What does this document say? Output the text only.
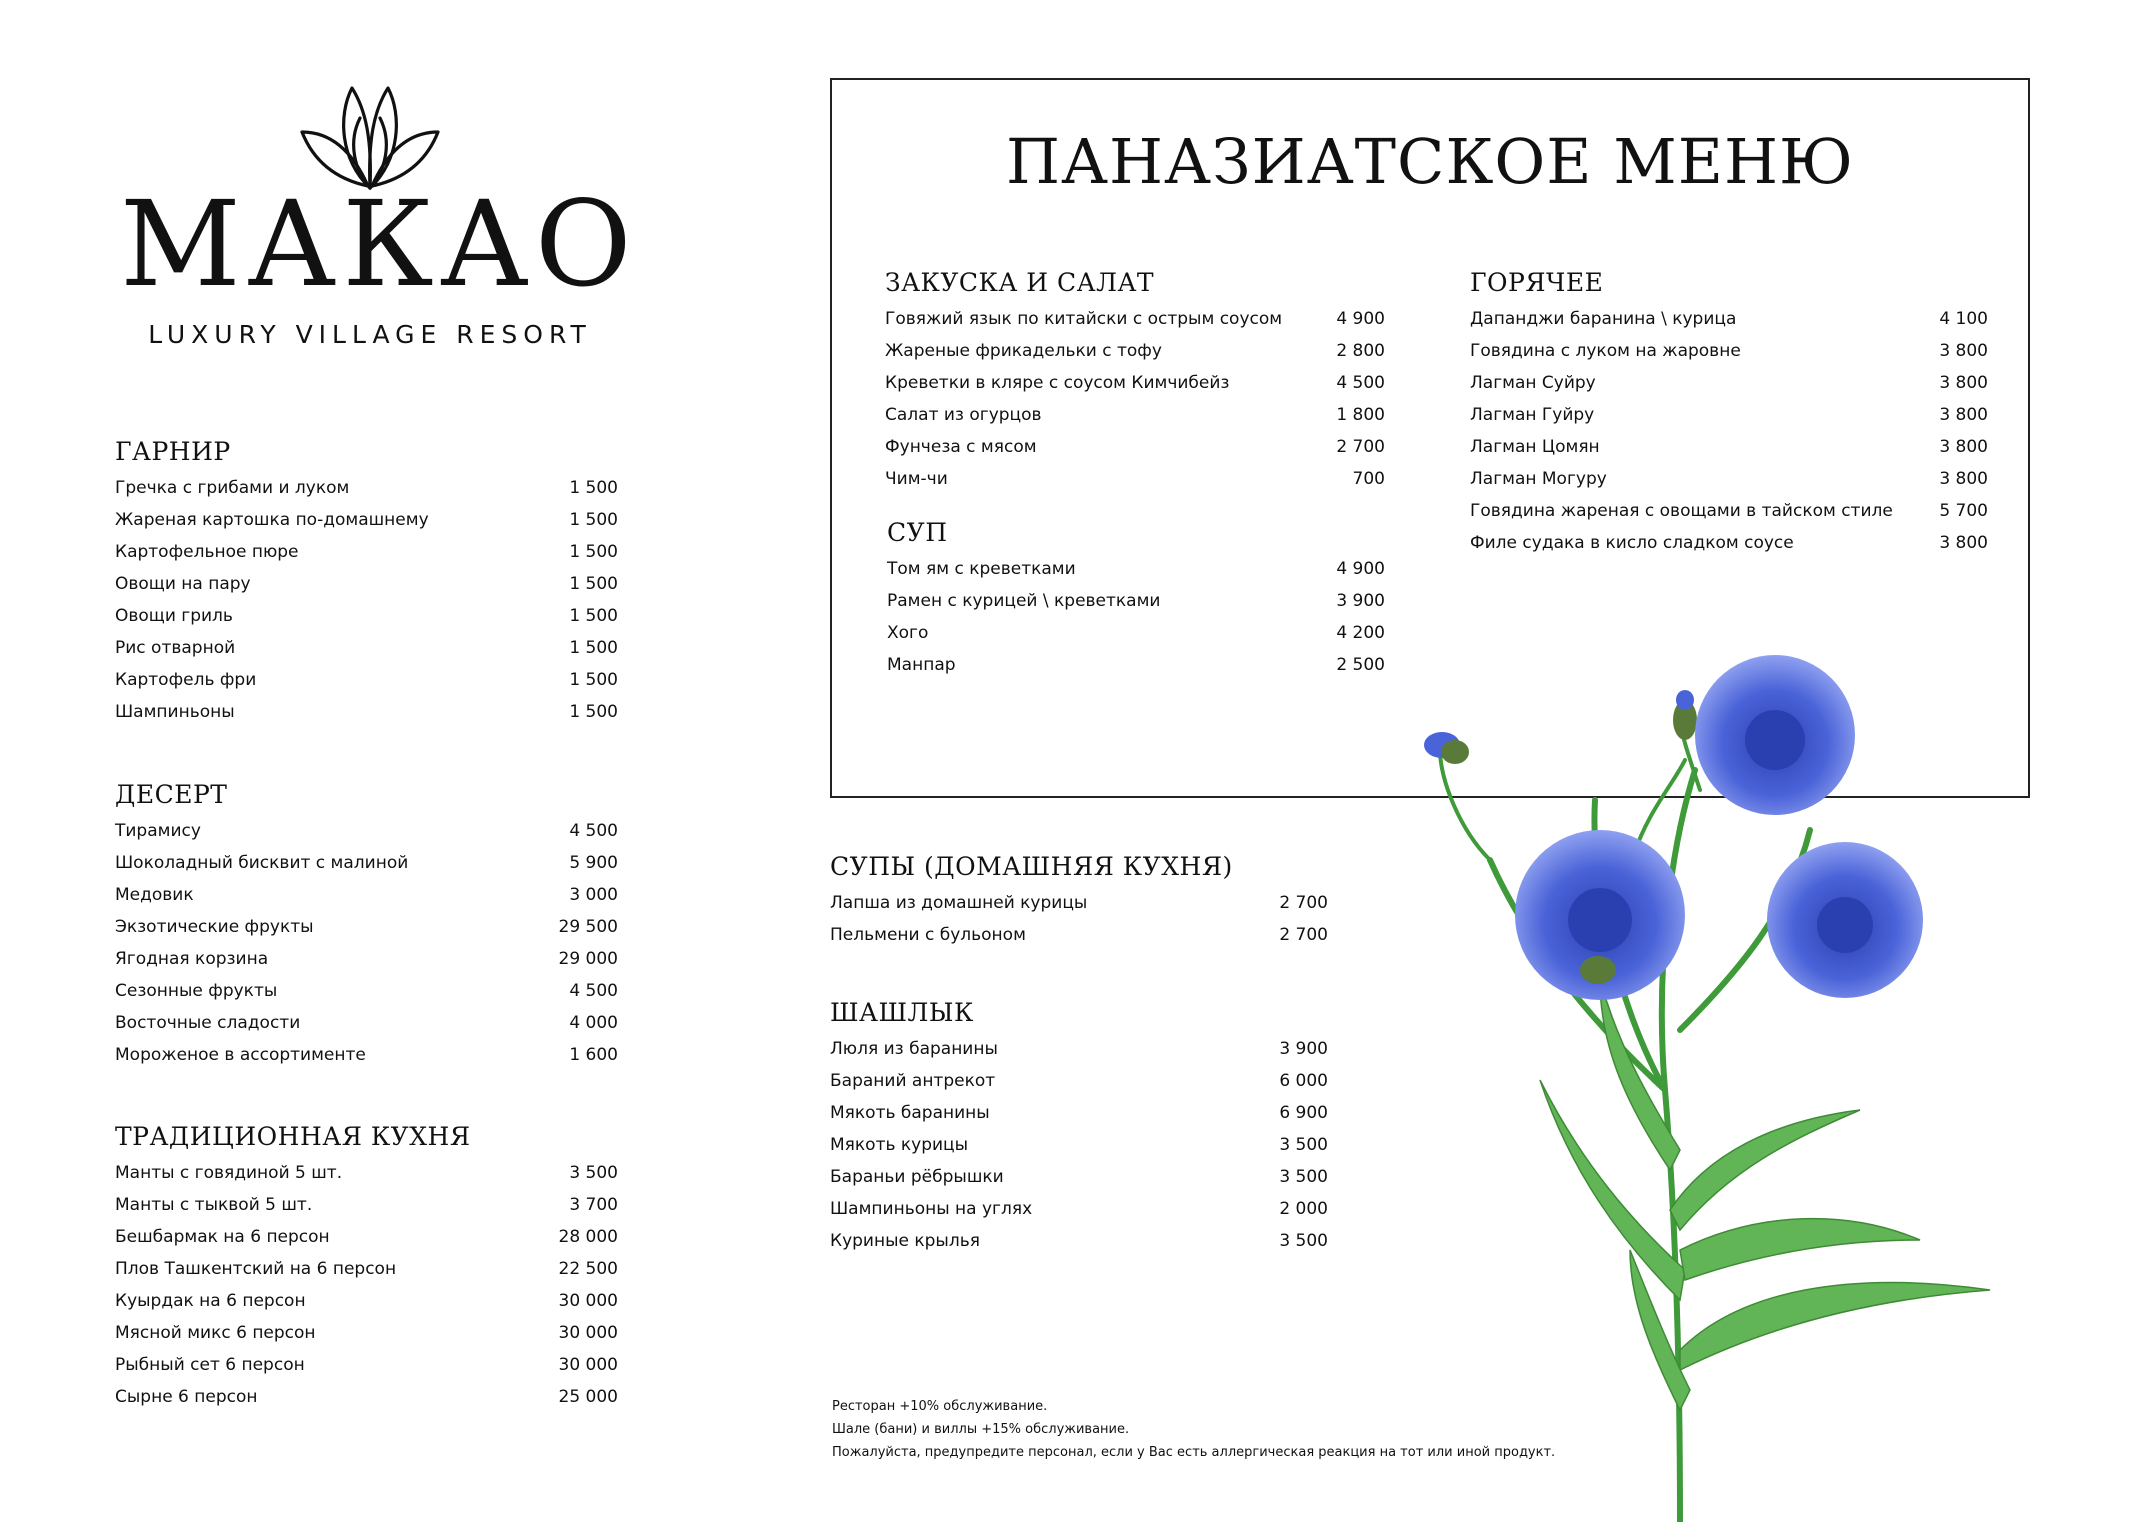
МАКАО
LUXURY VILLAGE RESORT
ГАРНИР
Гречка с грибами и луком	1 500
Жареная картошка по-домашнему	1 500
Картофельное пюре	1 500
Овощи на пару	1 500
Овощи гриль	1 500
Рис отварной	1 500
Картофель фри	1 500
Шампиньоны	1 500
ДЕСЕРТ
Тирамису	4 500
Шоколадный бисквит с малиной	5 900
Медовик	3 000
Экзотические фрукты	29 500
Ягодная корзина	29 000
Сезонные фрукты	4 500
Восточные сладости	4 000
Мороженое в ассортименте	1 600
ТРАДИЦИОННАЯ КУХНЯ
Манты с говядиной 5 шт.	3 500
Манты с тыквой 5 шт.	3 700
Бешбармак на 6 персон	28 000
Плов Ташкентский на 6 персон	22 500
Куырдак на 6 персон	30 000
Мясной микс 6 персон	30 000
Рыбный сет 6 персон	30 000
Сырне 6 персон	25 000
ПАНАЗИАТСКОЕ МЕНЮ
ЗАКУСКА И САЛАТ
Говяжий язык по китайски с острым соусом	4 900
Жареные фрикадельки с тофу	2 800
Креветки в кляре с соусом Кимчибейз	4 500
Салат из огурцов	1 800
Фунчеза с мясом	2 700
Чим-чи	700
СУП
Том ям с креветками	4 900
Рамен с курицей \ креветками	3 900
Хого	4 200
Манпар	2 500
ГОРЯЧЕЕ
Дапанджи баранина \ курица	4 100
Говядина с луком на жаровне	3 800
Лагман Суйру	3 800
Лагман Гуйру	3 800
Лагман Цомян	3 800
Лагман Могуру	3 800
Говядина жареная с овощами в тайском стиле	5 700
Филе судака в кисло сладком соусе	3 800
СУПЫ (ДОМАШНЯЯ КУХНЯ)
Лапша из домашней курицы	2 700
Пельмени с бульоном	2 700
ШАШЛЫК
Люля из баранины	3 900
Бараний антрекот	6 000
Мякоть баранины	6 900
Мякоть курицы	3 500
Бараньи рёбрышки	3 500
Шампиньоны на углях	2 000
Куриные крылья	3 500
Ресторан +10% обслуживание.
Шале (бани) и виллы +15% обслуживание.
Пожалуйста, предупредите персонал, если у Вас есть аллергическая реакция на тот или иной продукт.
